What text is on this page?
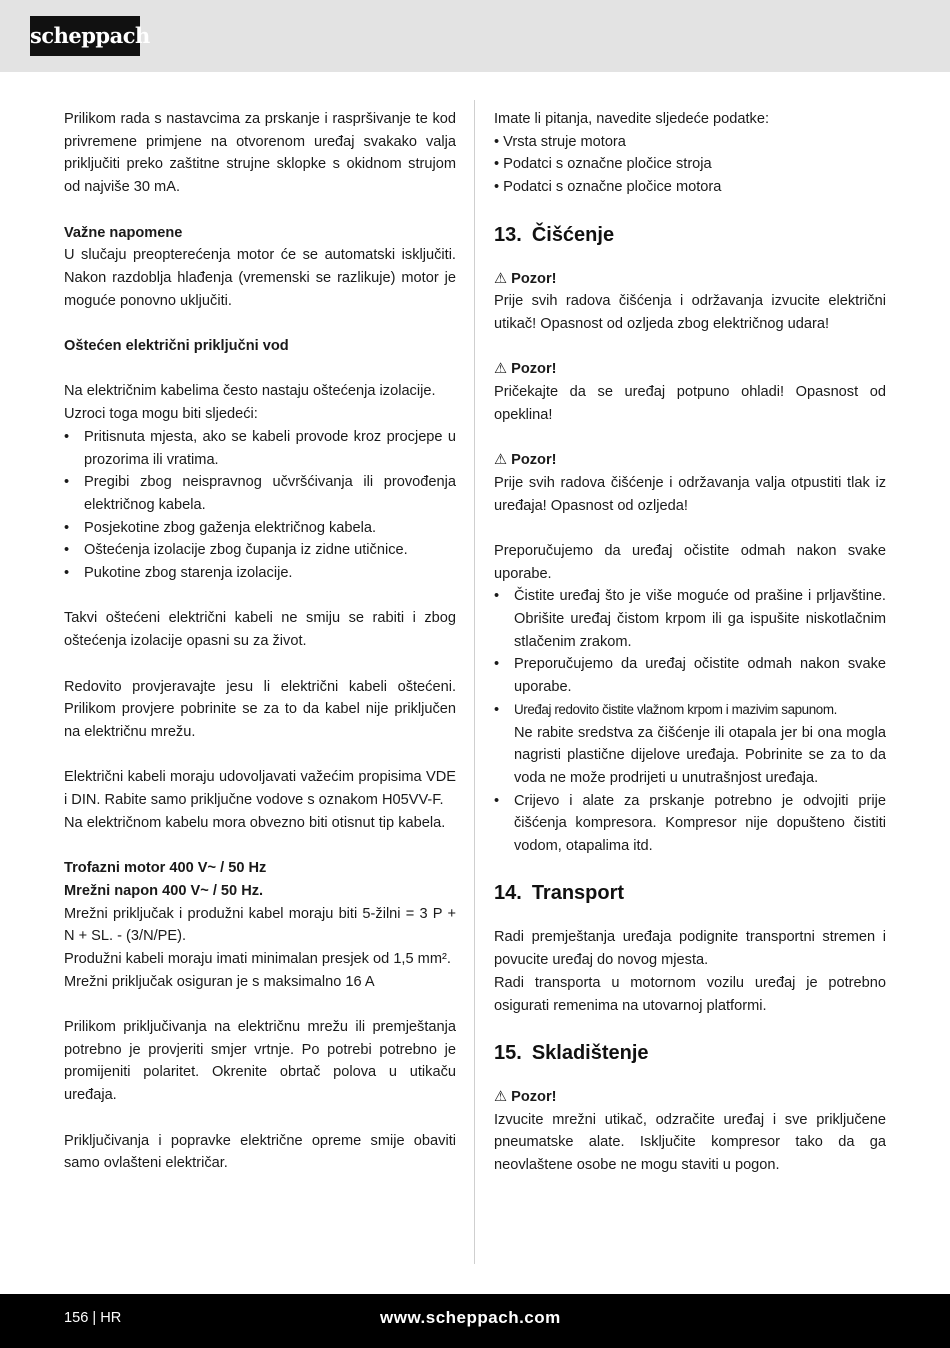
scheppach

Prilikom rada s nastavcima za prskanje i raspršivanje te kod privremene primjene na otvorenom uređaj svakako valja priključiti preko zaštitne strujne sklopke s okidnom strujom od najviše 30 mA.

Važne napomene
U slučaju preopterećenja motor će se automatski isključiti. Nakon razdoblja hlađenja (vremenski se razlikuje) motor je moguće ponovno uključiti.

Oštećen električni priključni vod

Na električnim kabelima često nastaju oštećenja izolacije.

Uzroci toga mogu biti sljedeći:

• Pritisnuta mjesta, ako se kabeli provode kroz procjepe u prozorima ili vratima.
• Pregibi zbog neispravnog učvršćivanja ili provođenja električnog kabela.
• Posjekotine zbog gaženja električnog kabela.
• Oštećenja izolacije zbog čupanja iz zidne utičnice.
• Pukotine zbog starenja izolacije.

Takvi oštećeni električni kabeli ne smiju se rabiti i zbog oštećenja izolacije opasni su za život.

Redovito provjeravajte jesu li električni kabeli oštećeni. Prilikom provjere pobrinite se za to da kabel nije priključen na električnu mrežu.

Električni kabeli moraju udovoljavati važećim propisima VDE i DIN. Rabite samo priključne vodove s oznakom H05VV-F.

Na električnom kabelu mora obvezno biti otisnut tip kabela.

Trofazni motor 400 V~ / 50 Hz
Mrežni napon 400 V~ / 50 Hz.
Mrežni priključak i produžni kabel moraju biti 5-žilni = 3 P + N + SL. - (3/N/PE).
Produžni kabeli moraju imati minimalan presjek od 1,5 mm².
Mrežni priključak osiguran je s maksimalno 16 A

Prilikom priključivanja na električnu mrežu ili premještanja potrebno je provjeriti smjer vrtnje. Po potrebi potrebno je promijeniti polaritet. Okrenite obrtač polova u utikaču uređaja.

Priključivanja i popravke električne opreme smije obaviti samo ovlašteni električar.

Imate li pitanja, navedite sljedeće podatke:

• Vrsta struje motora
• Podatci s označne pločice stroja
• Podatci s označne pločice motora
13. Čišćenje

⚠ Pozor!
Prije svih radova čišćenja i održavanja izvucite električni utikač! Opasnost od ozljeda zbog električnog udara!

⚠ Pozor!
Pričekajte da se uređaj potpuno ohladi! Opasnost od opeklina!

⚠ Pozor!
Prije svih radova čišćenje i održavanja valja otpustiti tlak iz uređaja! Opasnost od ozljeda!

Preporučujemo da uređaj očistite odmah nakon svake uporabe.

• Čistite uređaj što je više moguće od prašine i prljavštine. Obrišite uređaj čistom krpom ili ga ispušite niskotlačnim stlačenim zrakom.
• Preporučujemo da uređaj očistite odmah nakon svake uporabe.
• Uređaj redovito čistite vlažnom krpom i mazivim sapunom.
Ne rabite sredstva za čišćenje ili otapala jer bi ona mogla nagristi plastične dijelove uređaja. Pobrinite se za to da voda ne može prodrijeti u unutrašnjost uređaja.
• Crijevo i alate za prskanje potrebno je odvojiti prije čišćenja kompresora. Kompresor nije dopušteno čistiti vodom, otapalima itd.
14. Transport

Radi premještanja uređaja podignite transportni stremen i povucite uređaj do novog mjesta.

Radi transporta u motornom vozilu uređaj je potrebno osigurati remenima na utovarnoj platformi.

15. Skladištenje

⚠ Pozor!
Izvucite mrežni utikač, odzračite uređaj i sve priključene pneumatske alate. Isključite kompresor tako da ga neovlaštene osobe ne mogu staviti u pogon.

156 | HR	www.scheppach.com
